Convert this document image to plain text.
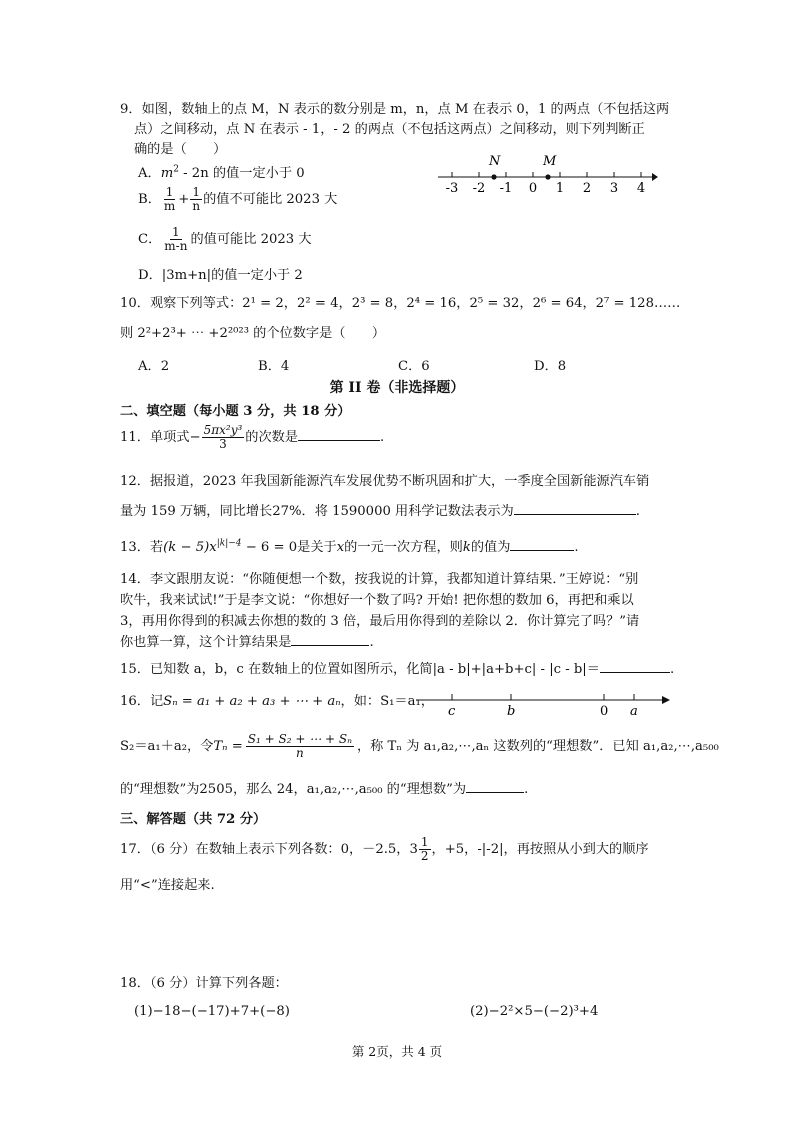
9．如图，数轴上的点 M，N 表示的数分别是 m，n，点 M 在表示 0，1 的两点（不包括这两
点）之间移动，点 N 在表示 - 1，- 2 的两点（不包括这两点）之间移动，则下列判断正
确的是（　　）
A．$m^2 - 2n$ 的值一定小于 0
B． $\frac{1}{m} + \frac{1}{n}$ 的值不可能比 2023 大
C． $\frac{1}{m-n}$ 的值可能比 2023 大
D．|3m+n|的值一定小于 2
-3 -2 -1 0 1 2 3 4
N	M
10．观察下列等式：2¹ = 2，2² = 4，2³ = 8，2⁴ = 16，2⁵ = 32，2⁶ = 64，2⁷ = 128……
则 2²+2³+ ⋯ +2²⁰²³ 的个位数字是（　　）
A．2	B．4	C．6	D．8
第 II 卷（非选择题）
二、填空题（每小题 3 分，共 18 分）
11．单项式− $\frac{\text{5πx²y³}}{3}$ 的次数是	.
12．据报道，2023 年我国新能源汽车发展优势不断巩固和扩大，一季度全国新能源汽车销
量为 159 万辆，同比增长27%．将 1590000 用科学记数法表示为	.
13．若$(k - 5)x^{|k|-4} - 6 = 0$是关于x的一元一次方程，则k的值为	.
14．李文跟朋友说：“你随便想一个数，按我说的计算，我都知道计算结果．”王婷说：“别
吹牛，我来试试!”于是李文说：“你想好一个数了吗? 开始! 把你想的数加 6，再把和乘以
3，再用你得到的积减去你想的数的 3 倍，最后用你得到的差除以 2．你计算完了吗？”请
你也算一算，这个计算结果是	.
15．已知数 a，b，c 在数轴上的位置如图所示，化简|a - b|+|a+b+c| - |c - b|＝	.
16．记Sₙ = a₁ + a₂ + a₃ + ⋯ + aₙ，如：S₁＝a₁，
c	b	0 a
S₂＝a₁＋a₂，令$T_n = \frac{\text{S₁ + S₂ + ⋯ + Sₙ}}{n}$ ，称 Tₙ 为 a₁,a₂,⋯,aₙ 这数列的“理想数”．已知 a₁,a₂,⋯,a₅₀₀
的“理想数”为2505，那么 24，a₁,a₂,⋯,a₅₀₀ 的“理想数”为	.
三、解答题（共 72 分）
17．（6 分）在数轴上表示下列各数：0，－2.5，$3 \frac{1}{2}$ ，+5，-|-2|，再按照从小到大的顺序
用“<”连接起来.
18．（6 分）计算下列各题：
(1)−18−(−17)+7+(−8)	(2)−2²×5−(−2)³+4
第 2页，共 4 页
